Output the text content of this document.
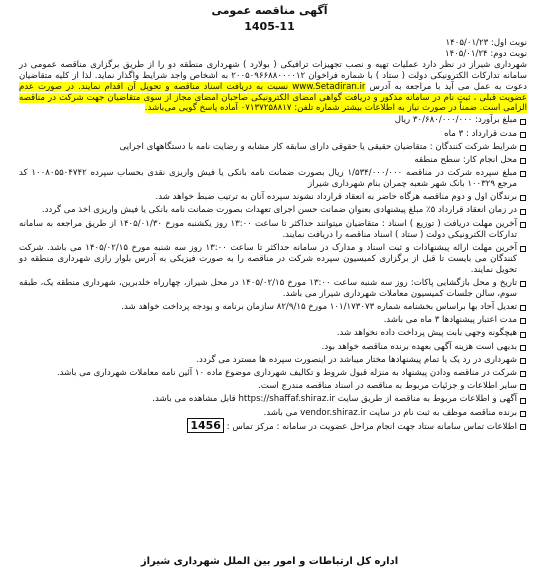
آگهی مناقصه عمومی
1405-11

نوبت اول: ۱۴۰۵/۰۱/۲۳

نوبت دوم: ۱۴۰۵/۰۱/۲۴

شهرداری شیراز در نظر دارد عملیات تهیه و نصب تجهیزات ترافیکی ( بولارد ) شهرداری منطقه دو را از طریق برگزاری مناقصه عمومی در سامانه تدارکات الکترونیکی دولت ( ستاد ) با شماره فراخوان ۲۰۰۵۰۹۶۶۸۸۰۰۰۰۱۲ به اشخاص واجد شرایط واگذار نماید. لذا از کلیه متقاضیان دعوت به عمل می آید با مراجعه به آدرس www.Setadiran.ir نسبت به دریافت اسناد مناقصه و تحویل آن اقدام نمایند. در صورت عدم عضویت قبلی ، ثبت نام در سامانه مذکور و دریافت گواهی امضای الکترونیکی صاحبان امضای مجاز از سوی متقاضیان جهت شرکت در مناقصه الزامی است. ضمناً در صورت نیاز به اطلاعات بیشتر شماره تلفن: ۰۷۱۳۷۲۵۸۸۱۷ آماده پاسخ گویی می‌باشد.

مبلغ برآورد: ۳۰/۶۸۰/۰۰۰/۰۰۰ ریال
مدت قرارداد : ۳ ماه
شرایط شرکت کنندگان : متقاضیان حقیقی یا حقوقی دارای سابقه کار مشابه و رضایت نامه با دستگاههای اجرایی
محل انجام کار: سطح منطقه
مبلغ سپرده شرکت در مناقصه ۱/۵۳۴/۰۰۰/۰۰۰ ریال بصورت ضمانت نامه بانکی یا فیش واریزی نقدی بحساب سپرده ۱۰۰۸۰۵۵۰۴۷۴۲ کد مرجع ۱۰۰۳۲۹ بانک شهر شعبه چمران بنام شهرداری شیراز
برندگان اول و دوم مناقصه هرگاه حاضر به انعقاد قرارداد نشوند سپرده آنان به ترتیب ضبط خواهد شد.
در زمان انعقاد قرارداد ۵٪ مبلغ پیشنهادی بعنوان ضمانت حسن اجرای تعهدات بصورت ضمانت نامه بانکی یا فیش واریزی اخذ می گردد.
آخرین مهلت دریافت ( توزیع ) اسناد : متقاضیان میتوانند حداکثر تا ساعت ۱۳:۰۰ روز یکشنبه مورخ ۱۴۰۵/۰۱/۳۰ از طریق مراجعه به سامانه تدارکات الکترونیکی دولت ( ستاد ) اسناد مناقصه را دریافت نمایند.
آخرین مهلت ارائه پیشنهادات و ثبت اسناد و مدارک در سامانه حداکثر تا ساعت ۱۳:۰۰ روز سه شنبه مورخ ۱۴۰۵/۰۲/۱۵ می باشد. شرکت کنندگان می بایست تا قبل از برگزاری کمیسیون سپرده شرکت در مناقصه را به صورت فیزیکی به آدرس بلوار رازی شهرداری منطقه دو تحویل نمایند.
تاریخ و محل بازگشایی پاکات: روز سه شنبه ساعت ۱۳:۰۰ مورخ ۱۴۰۵/۰۲/۱۵ در محل شیراز، چهارراه خلدبرین، شهرداری منطقه یک، طبقه سوم، سالن جلسات کمیسیون معاملات شهرداری شیراز می باشد.
تعدیل آحاد بها براساس بخشنامه شماره ۱۰۱/۱۷۳۰۷۳ مورخ ۸۲/۹/۱۵ سازمان برنامه و بودجه پرداخت خواهد شد.
مدت اعتبار پیشنهادها ۳ ماه می باشد.
هیچگونه وجهی بابت پیش پرداخت داده نخواهد شد.
بدیهی است هزینه آگهی بعهده برنده مناقصه خواهد بود.
شهرداری در رد یک یا تمام پیشنهادها مختار میباشد در اینصورت سپرده ها مسترد می گردد.
شرکت در مناقصه ودادن پیشنهاد به منزله قبول شروط و تکالیف شهرداری موضوع ماده ۱۰ آئین نامه معاملات شهرداری می باشد.
سایر اطلاعات و جزئیات مربوط به مناقصه در اسناد مناقصه مندرج است.
آگهی و اطلاعات مربوط به مناقصه از طریق سایت https://shaffaf.shiraz.ir قابل مشاهده می باشد.
برنده مناقصه موظف به ثبت نام در سایت vendor.shiraz.ir می باشد.
اطلاعات تماس سامانه ستاد جهت انجام مراحل عضویت در سامانه : مرکز تماس : 1456
اداره کل ارتباطات و امور بین الملل شهرداری شیراز
